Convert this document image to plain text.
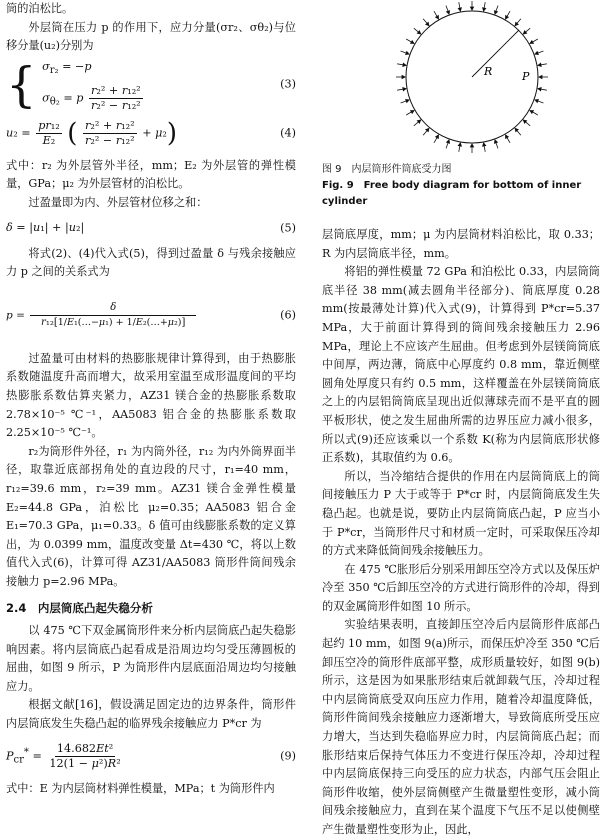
筒的泊松比。

外层筒在压力 p 的作用下，应力分量(σr₂、σθ₂)与位移分量(u₂)分别为

{ $\sigma_{r_2} = -p$
$\sigma_{\theta_2} = p \frac{\text{r₂² + r₁₂²}}{\text{r₂² − r₁₂²}}$	(3)
$u_2 = \frac{\text{pr₁₂}}{\text{E₂}}$ ( $\frac{\text{r₂² + r₁₂²}}{\text{r₂² − r₁₂²}} + \mu_2$)	(4)

式中：r₂ 为外层管外半径，mm；E₂ 为外层管的弹性模量，GPa；μ₂ 为外层管材的泊松比。

过盈量即为内、外层管材位移之和：

δ = |u₁| + |u₂|	(5)

将式(2)、(4)代入式(5)，得到过盈量 δ 与残余接触应力 p 之间的关系式为

$p = \frac{\delta}{\text{r₁₂[1/E₁(…−μ₁) + 1/E₂(…+μ₂)]}}$	(6)

过盈量可由材料的热膨胀规律计算得到，由于热膨胀系数随温度升高而增大，故采用室温至成形温度间的平均热膨胀系数估算夹紧力，AZ31 镁合金的热膨胀系数取 2.78×10⁻⁵ ℃⁻¹，AA5083 铝合金的热膨胀系数取 2.25×10⁻⁵ ℃⁻¹。

r₂为筒形件外径，r₁ 为内筒外径，r₁₂ 为内外筒界面半径，取靠近底部拐角处的直边段的尺寸，r₁=40 mm，r₁₂=39.6 mm，r₂=39 mm。AZ31 镁合金弹性模量 E₂=44.8 GPa，泊松比 μ₂=0.35；AA5083 铝合金 E₁=70.3 GPa，μ₁=0.33。δ 值可由线膨胀系数的定义算出，为 0.0399 mm，温度改变量 Δt=430 ℃，将以上数值代入式(6)，计算可得 AZ31/AA5083 筒形件筒间残余接触力 p=2.96 MPa。

2.4　内层筒底凸起失稳分析

以 475 ℃下双金属筒形件来分析内层筒底凸起失稳影响因素。将内层筒底凸起看成是沿周边均匀受压薄圆板的屈曲，如图 9 所示，P 为筒形件内层底面沿周边均匀接触应力。

根据文献[16]，假设满足固定边的边界条件，筒形件内层筒底发生失稳凸起的临界残余接触应力 P*cr 为

$P_{cr}^* = \frac{\text{14.682Et²}}{\text{12(1 − μ²)R²}}$	(9)

式中：E 为内层筒材料弹性模量，MPa；t 为筒形件内

R	P
图 9　内层筒形件筒底受力图
Fig. 9　Free body diagram for bottom of inner cylinder

层筒底厚度，mm；μ 为内层筒材料泊松比，取 0.33；R 为内层筒底半径，mm。

将铝的弹性模量 72 GPa 和泊松比 0.33，内层筒筒底半径 38 mm(减去圆角半径部分)、筒底厚度 0.28 mm(按最薄处计算)代入式(9)，计算得到 P*cr=5.37 MPa，大于前面计算得到的筒间残余接触压力 2.96 MPa，理论上不应该产生屈曲。但考虑到外层镁筒筒底中间厚，两边薄，筒底中心厚度约 0.8 mm，靠近侧壁圆角处厚度只有约 0.5 mm，这样覆盖在外层镁筒筒底之上的内层铝筒筒底呈现出近似薄球壳而不是平直的圆平板形状，使之发生屈曲所需的边界压应力减小很多，所以式(9)还应该乘以一个系数 K(称为内层筒底形状修正系数)，其取值约为 0.6。

所以，当冷缩结合提供的作用在内层筒筒底上的筒间接触压力 P 大于或等于 P*cr 时，内层筒筒底发生失稳凸起。也就是说，要防止内层筒筒底凸起，P 应当小于 P*cr，当筒形件尺寸和材质一定时，可采取保压冷却的方式来降低筒间残余接触压力。

在 475 ℃胀形后分别采用卸压空冷方式以及保压炉冷至 350 ℃后卸压空冷的方式进行筒形件的冷却，得到的双金属筒形件如图 10 所示。

实验结果表明，直接卸压空冷后内层筒形件底部凸起约 10 mm，如图 9(a)所示，而保压炉冷至 350 ℃后卸压空冷的筒形件底部平整，成形质量较好，如图 9(b)所示，这是因为如果胀形结束后就卸载气压，冷却过程中内层筒筒底受双向压应力作用，随着冷却温度降低，筒形件筒间残余接触应力逐渐增大，导致筒底所受压应力增大，当达到失稳临界应力时，内层筒筒底凸起；而胀形结束后保持气体压力不变进行保压冷却，冷却过程中内层筒底保持三向受压的应力状态，内部气压会阻止筒形件收缩，使外层筒侧壁产生微量塑性变形，减小筒间残余接触应力，直到在某个温度下气压不足以使侧壁产生微量塑性变形为止，因此，
